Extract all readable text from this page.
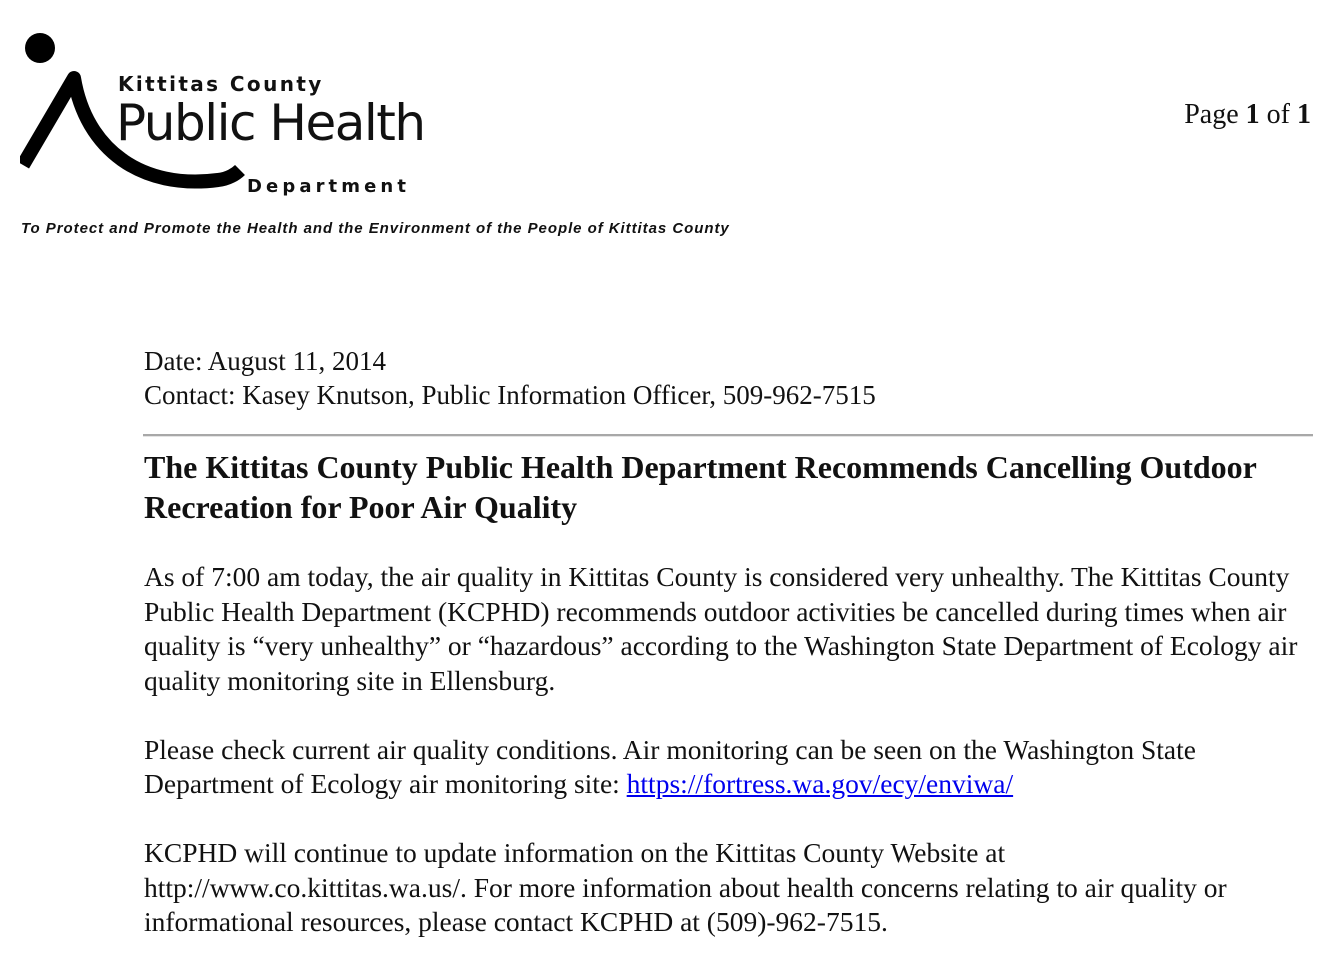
Kittitas County
Public Health
Department
To Protect and Promote the Health and the Environment of the People of Kittitas County
Page 1 of 1
Date: August 11, 2014
Contact: Kasey Knutson, Public Information Officer, 509-962-7515
The Kittitas County Public Health Department Recommends Cancelling Outdoor Recreation for Poor Air Quality

As of 7:00 am today, the air quality in Kittitas County is considered very unhealthy. The Kittitas County Public Health Department (KCPHD) recommends outdoor activities be cancelled during times when air quality is “very unhealthy” or “hazardous” according to the Washington State Department of Ecology air quality monitoring site in Ellensburg.

Please check current air quality conditions. Air monitoring can be seen on the Washington State Department of Ecology air monitoring site: https://fortress.wa.gov/ecy/enviwa/

KCPHD will continue to update information on the Kittitas County Website at
http://www.co.kittitas.wa.us/. For more information about health concerns relating to air quality or informational resources, please contact KCPHD at (509)-962-7515.
